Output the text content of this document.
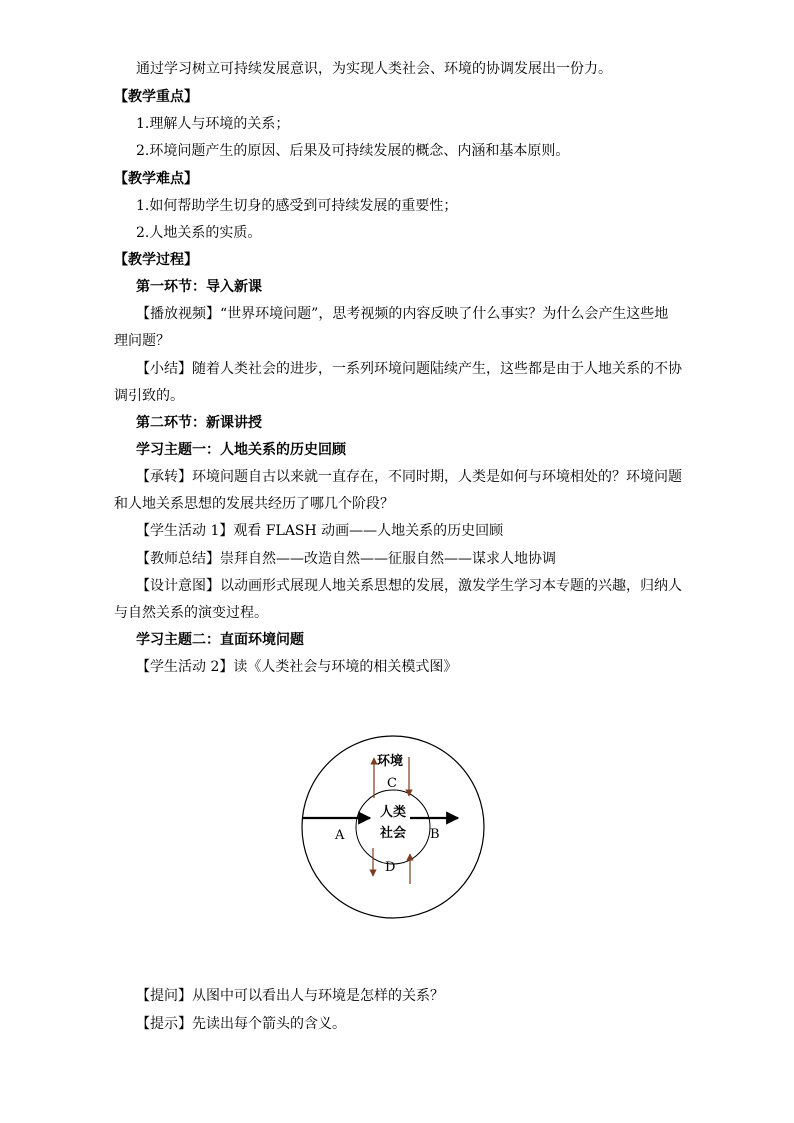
通过学习树立可持续发展意识，为实现人类社会、环境的协调发展出一份力。
【教学重点】
1.理解人与环境的关系；
2.环境问题产生的原因、后果及可持续发展的概念、内涵和基本原则。
【教学难点】
1.如何帮助学生切身的感受到可持续发展的重要性；
2.人地关系的实质。
【教学过程】
第一环节：导入新课
【播放视频】“世界环境问题”，思考视频的内容反映了什么事实？为什么会产生这些地
理问题？
【小结】随着人类社会的进步，一系列环境问题陆续产生，这些都是由于人地关系的不协
调引致的。
第二环节：新课讲授
学习主题一：人地关系的历史回顾
【承转】环境问题自古以来就一直存在，不同时期，人类是如何与环境相处的？环境问题
和人地关系思想的发展共经历了哪几个阶段？
【学生活动 1】观看 FLASH 动画——人地关系的历史回顾
【教师总结】崇拜自然——改造自然——征服自然——谋求人地协调
【设计意图】以动画形式展现人地关系思想的发展，激发学生学习本专题的兴趣，归纳人
与自然关系的演变过程。
学习主题二：直面环境问题
【学生活动 2】读《人类社会与环境的相关模式图》
环境
人类
社会
A	B
C
D
【提问】从图中可以看出人与环境是怎样的关系？
【提示】先读出每个箭头的含义。
